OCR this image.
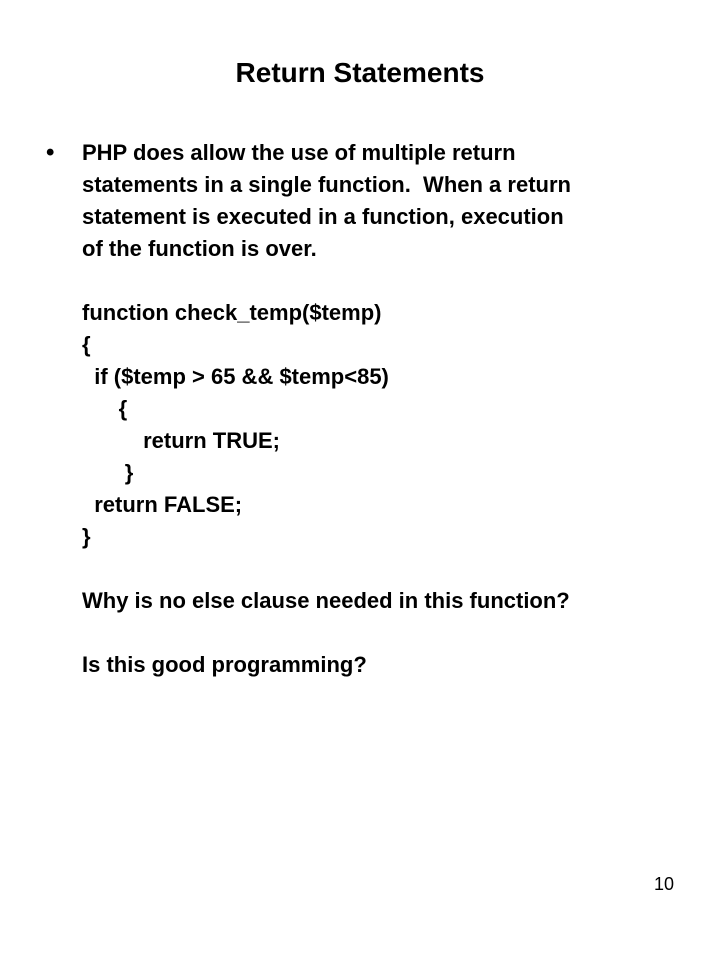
Return Statements
• PHP does allow the use of multiple return
statements in a single function.  When a return
statement is executed in a function, execution
of the function is over.
function check_temp($temp)
{
if ($temp > 65 && $temp<85)
{
return TRUE;
}
return FALSE;
}
Why is no else clause needed in this function?
Is this good programming?
10
